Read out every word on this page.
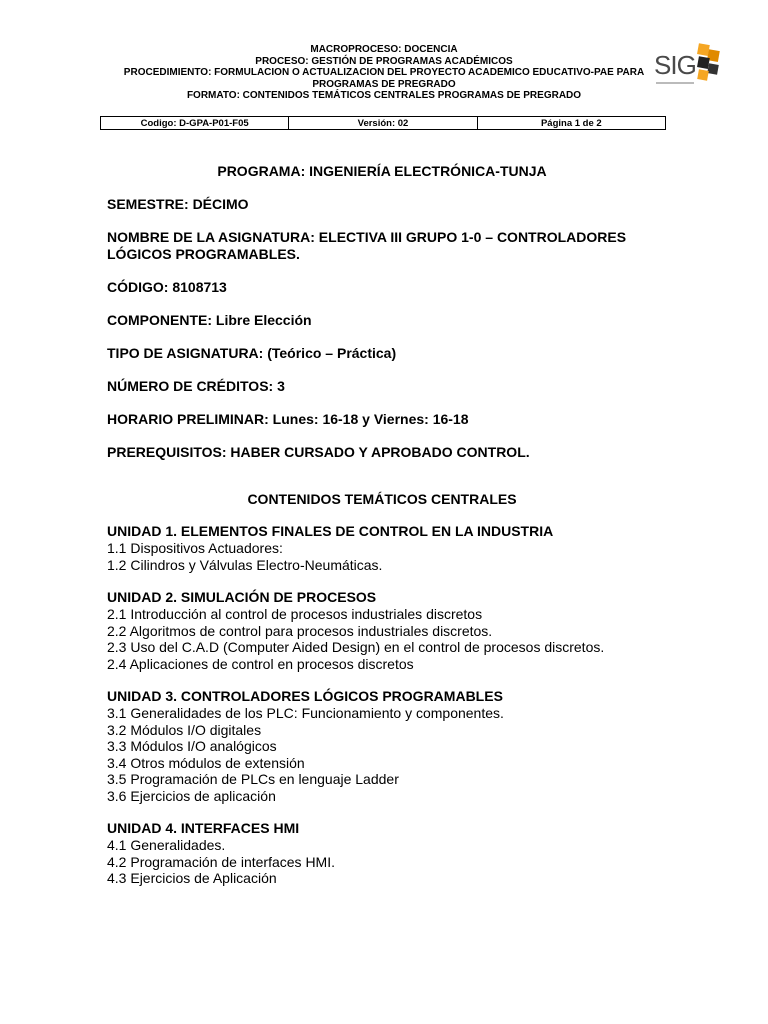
MACROPROCESO: DOCENCIA
PROCESO: GESTIÓN DE PROGRAMAS ACADÉMICOS
PROCEDIMIENTO: FORMULACION O ACTUALIZACION DEL PROYECTO ACADEMICO EDUCATIVO-PAE PARA
PROGRAMAS DE PREGRADO
FORMATO: CONTENIDOS TEMÁTICOS CENTRALES PROGRAMAS DE PREGRADO
SIG
Codigo: D-GPA-P01-F05	Versión: 02	Página 1 de 2
PROGRAMA: INGENIERÍA ELECTRÓNICA-TUNJA
SEMESTRE: DÉCIMO
NOMBRE DE LA ASIGNATURA: ELECTIVA III GRUPO 1-0 – CONTROLADORES LÓGICOS PROGRAMABLES.
CÓDIGO: 8108713
COMPONENTE: Libre Elección
TIPO DE ASIGNATURA: (Teórico – Práctica)
NÚMERO DE CRÉDITOS: 3
HORARIO PRELIMINAR: Lunes: 16-18 y Viernes: 16-18
PREREQUISITOS: HABER CURSADO Y APROBADO CONTROL.
CONTENIDOS TEMÁTICOS CENTRALES
UNIDAD 1. ELEMENTOS FINALES DE CONTROL EN LA INDUSTRIA
1.1 Dispositivos Actuadores:
1.2 Cilindros y Válvulas Electro-Neumáticas.
UNIDAD 2. SIMULACIÓN DE PROCESOS
2.1 Introducción al control de procesos industriales discretos
2.2 Algoritmos de control para procesos industriales discretos.
2.3 Uso del C.A.D (Computer Aided Design) en el control de procesos discretos.
2.4 Aplicaciones de control en procesos discretos
UNIDAD 3. CONTROLADORES LÓGICOS PROGRAMABLES
3.1 Generalidades de los PLC: Funcionamiento y componentes.
3.2 Módulos I/O digitales
3.3 Módulos I/O analógicos
3.4 Otros módulos de extensión
3.5 Programación de PLCs en lenguaje Ladder
3.6 Ejercicios de aplicación
UNIDAD 4. INTERFACES HMI
4.1 Generalidades.
4.2 Programación de interfaces HMI.
4.3 Ejercicios de Aplicación
